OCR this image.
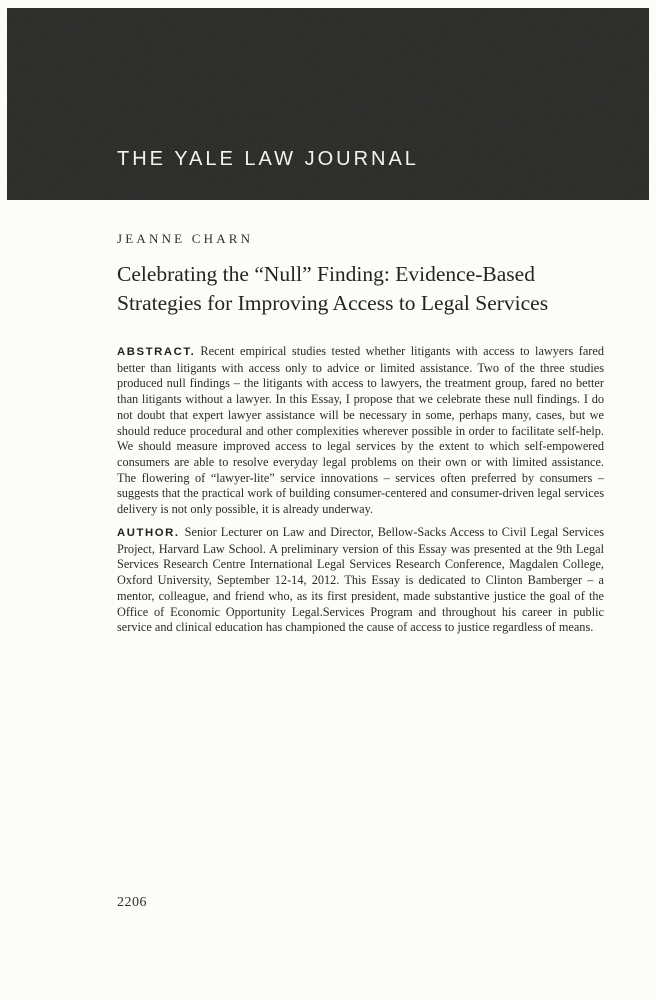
THE YALE LAW JOURNAL
JEANNE CHARN
Celebrating the “Null” Finding: Evidence-Based
Strategies for Improving Access to Legal Services

ABSTRACT. Recent empirical studies tested whether litigants with access to lawyers fared better than litigants with access only to advice or limited assistance. Two of the three studies produced null findings – the litigants with access to lawyers, the treatment group, fared no better than litigants without a lawyer. In this Essay, I propose that we celebrate these null findings. I do not doubt that expert lawyer assistance will be necessary in some, perhaps many, cases, but we should reduce procedural and other complexities wherever possible in order to facilitate self-help. We should measure improved access to legal services by the extent to which self-empowered consumers are able to resolve everyday legal problems on their own or with limited assistance. The flowering of “lawyer-lite” service innovations – services often preferred by consumers – suggests that the practical work of building consumer-centered and consumer-driven legal services delivery is not only possible, it is already underway.

AUTHOR. Senior Lecturer on Law and Director, Bellow-Sacks Access to Civil Legal Services Project, Harvard Law School. A preliminary version of this Essay was presented at the 9th Legal Services Research Centre International Legal Services Research Conference, Magdalen College, Oxford University, September 12-14, 2012. This Essay is dedicated to Clinton Bamberger – a mentor, colleague, and friend who, as its first president, made substantive justice the goal of the Office of Economic Opportunity Legal.Services Program and throughout his career in public service and clinical education has championed the cause of access to justice regardless of means.

2206
